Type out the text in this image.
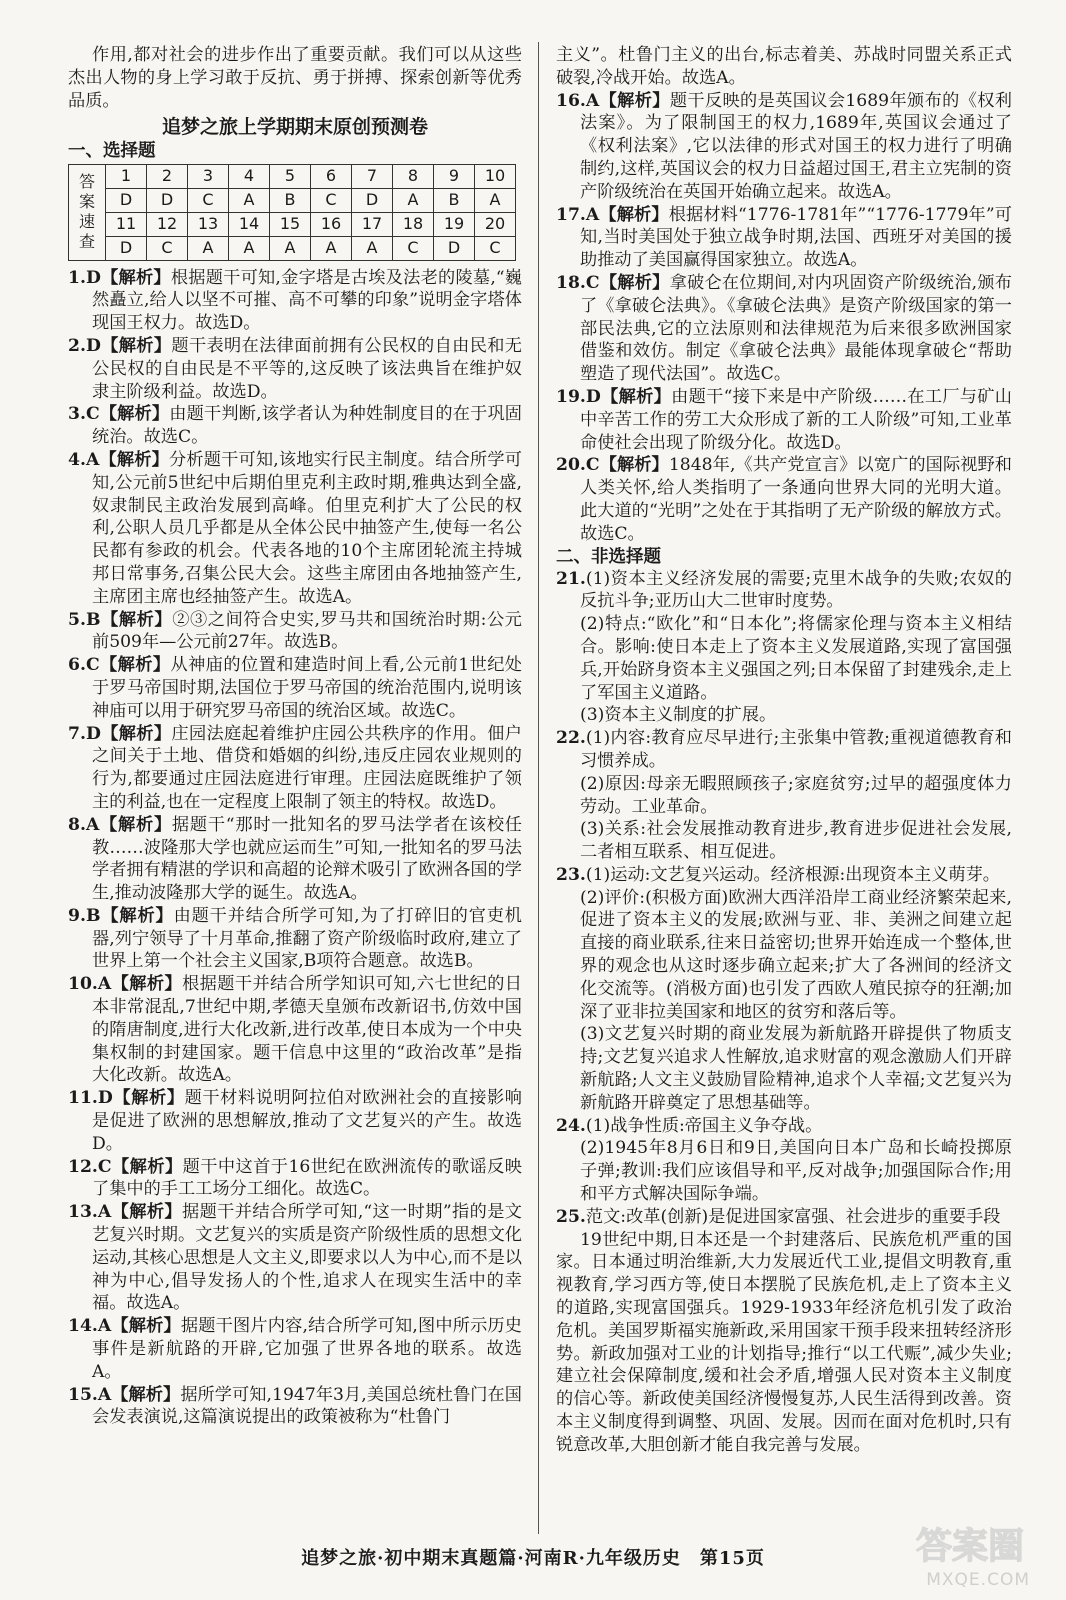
作用,都对社会的进步作出了重要贡献。我们可以从这些杰出人物的身上学习敢于反抗、勇于拼搏、探索创新等优秀品质。

追梦之旅上学期期末原创预测卷
一、选择题
答
案
速
查	1	2	3	4	5	6	7	8	9	10
	D	D	C	A	B	C	D	A	B	A
	11	12	13	14	15	16	17	18	19	20
	D	C	A	A	A	A	A	C	D	C

1.D【解析】根据题干可知,金字塔是古埃及法老的陵墓,“巍然矗立,给人以坚不可摧、高不可攀的印象”说明金字塔体现国王权力。故选D。

2.D【解析】题干表明在法律面前拥有公民权的自由民和无公民权的自由民是不平等的,这反映了该法典旨在维护奴隶主阶级利益。故选D。

3.C【解析】由题干判断,该学者认为种姓制度目的在于巩固统治。故选C。

4.A【解析】分析题干可知,该地实行民主制度。结合所学可知,公元前5世纪中后期伯里克利主政时期,雅典达到全盛,奴隶制民主政治发展到高峰。伯里克利扩大了公民的权利,公职人员几乎都是从全体公民中抽签产生,使每一名公民都有参政的机会。代表各地的10个主席团轮流主持城邦日常事务,召集公民大会。这些主席团由各地抽签产生,主席团主席也经抽签产生。故选A。

5.B【解析】②③之间符合史实,罗马共和国统治时期:公元前509年—公元前27年。故选B。

6.C【解析】从神庙的位置和建造时间上看,公元前1世纪处于罗马帝国时期,法国位于罗马帝国的统治范围内,说明该神庙可以用于研究罗马帝国的统治区域。故选C。

7.D【解析】庄园法庭起着维护庄园公共秩序的作用。佃户之间关于土地、借贷和婚姻的纠纷,违反庄园农业规则的行为,都要通过庄园法庭进行审理。庄园法庭既维护了领主的利益,也在一定程度上限制了领主的特权。故选D。

8.A【解析】据题干“那时一批知名的罗马法学者在该校任教……波隆那大学也就应运而生”可知,一批知名的罗马法学者拥有精湛的学识和高超的论辩术吸引了欧洲各国的学生,推动波隆那大学的诞生。故选A。

9.B【解析】由题干并结合所学可知,为了打碎旧的官吏机器,列宁领导了十月革命,推翻了资产阶级临时政府,建立了世界上第一个社会主义国家,B项符合题意。故选B。

10.A【解析】根据题干并结合所学知识可知,六七世纪的日本非常混乱,7世纪中期,孝德天皇颁布改新诏书,仿效中国的隋唐制度,进行大化改新,进行改革,使日本成为一个中央集权制的封建国家。题干信息中这里的“政治改革”是指大化改新。故选A。

11.D【解析】题干材料说明阿拉伯对欧洲社会的直接影响是促进了欧洲的思想解放,推动了文艺复兴的产生。故选D。

12.C【解析】题干中这首于16世纪在欧洲流传的歌谣反映了集中的手工工场分工细化。故选C。

13.A【解析】据题干并结合所学可知,“这一时期”指的是文艺复兴时期。文艺复兴的实质是资产阶级性质的思想文化运动,其核心思想是人文主义,即要求以人为中心,而不是以神为中心,倡导发扬人的个性,追求人在现实生活中的幸福。故选A。

14.A【解析】据题干图片内容,结合所学可知,图中所示历史事件是新航路的开辟,它加强了世界各地的联系。故选A。

15.A【解析】据所学可知,1947年3月,美国总统杜鲁门在国会发表演说,这篇演说提出的政策被称为“杜鲁门

主义”。杜鲁门主义的出台,标志着美、苏战时同盟关系正式破裂,冷战开始。故选A。

16.A【解析】题干反映的是英国议会1689年颁布的《权利法案》。为了限制国王的权力,1689年,英国议会通过了《权利法案》,它以法律的形式对国王的权力进行了明确制约,这样,英国议会的权力日益超过国王,君主立宪制的资产阶级统治在英国开始确立起来。故选A。

17.A【解析】根据材料“1776-1781年”“1776-1779年”可知,当时美国处于独立战争时期,法国、西班牙对美国的援助推动了美国赢得国家独立。故选A。

18.C【解析】拿破仑在位期间,对内巩固资产阶级统治,颁布了《拿破仑法典》。《拿破仑法典》是资产阶级国家的第一部民法典,它的立法原则和法律规范为后来很多欧洲国家借鉴和效仿。制定《拿破仑法典》最能体现拿破仑“帮助塑造了现代法国”。故选C。

19.D【解析】由题干“接下来是中产阶级……在工厂与矿山中辛苦工作的劳工大众形成了新的工人阶级”可知,工业革命使社会出现了阶级分化。故选D。

20.C【解析】1848年,《共产党宣言》以宽广的国际视野和人类关怀,给人类指明了一条通向世界大同的光明大道。此大道的“光明”之处在于其指明了无产阶级的解放方式。故选C。

二、非选择题

21.(1)资本主义经济发展的需要;克里木战争的失败;农奴的反抗斗争;亚历山大二世审时度势。

(2)特点:“欧化”和“日本化”;将儒家伦理与资本主义相结合。影响:使日本走上了资本主义发展道路,实现了富国强兵,开始跻身资本主义强国之列;日本保留了封建残余,走上了军国主义道路。

(3)资本主义制度的扩展。

22.(1)内容:教育应尽早进行;主张集中管教;重视道德教育和习惯养成。

(2)原因:母亲无暇照顾孩子;家庭贫穷;过早的超强度体力劳动。工业革命。

(3)关系:社会发展推动教育进步,教育进步促进社会发展,二者相互联系、相互促进。

23.(1)运动:文艺复兴运动。经济根源:出现资本主义萌芽。

(2)评价:(积极方面)欧洲大西洋沿岸工商业经济繁荣起来,促进了资本主义的发展;欧洲与亚、非、美洲之间建立起直接的商业联系,往来日益密切;世界开始连成一个整体,世界的观念也从这时逐步确立起来;扩大了各洲间的经济文化交流等。(消极方面)也引发了西欧人殖民掠夺的狂潮;加深了亚非拉美国家和地区的贫穷和落后等。

(3)文艺复兴时期的商业发展为新航路开辟提供了物质支持;文艺复兴追求人性解放,追求财富的观念激励人们开辟新航路;人文主义鼓励冒险精神,追求个人幸福;文艺复兴为新航路开辟奠定了思想基础等。

24.(1)战争性质:帝国主义争夺战。

(2)1945年8月6日和9日,美国向日本广岛和长崎投掷原子弹;教训:我们应该倡导和平,反对战争;加强国际合作;用和平方式解决国际争端。

25.范文:改革(创新)是促进国家富强、社会进步的重要手段

19世纪中期,日本还是一个封建落后、民族危机严重的国家。日本通过明治维新,大力发展近代工业,提倡文明教育,重视教育,学习西方等,使日本摆脱了民族危机,走上了资本主义的道路,实现富国强兵。1929-1933年经济危机引发了政治危机。美国罗斯福实施新政,采用国家干预手段来扭转经济形势。新政加强对工业的计划指导;推行“以工代赈”,减少失业;建立社会保障制度,缓和社会矛盾,增强人民对资本主义制度的信心等。新政使美国经济慢慢复苏,人民生活得到改善。资本主义制度得到调整、巩固、发展。因而在面对危机时,只有锐意改革,大胆创新才能自我完善与发展。

追梦之旅·初中期末真题篇·河南R·九年级历史　第15页	答案圈
MXQE.COM
